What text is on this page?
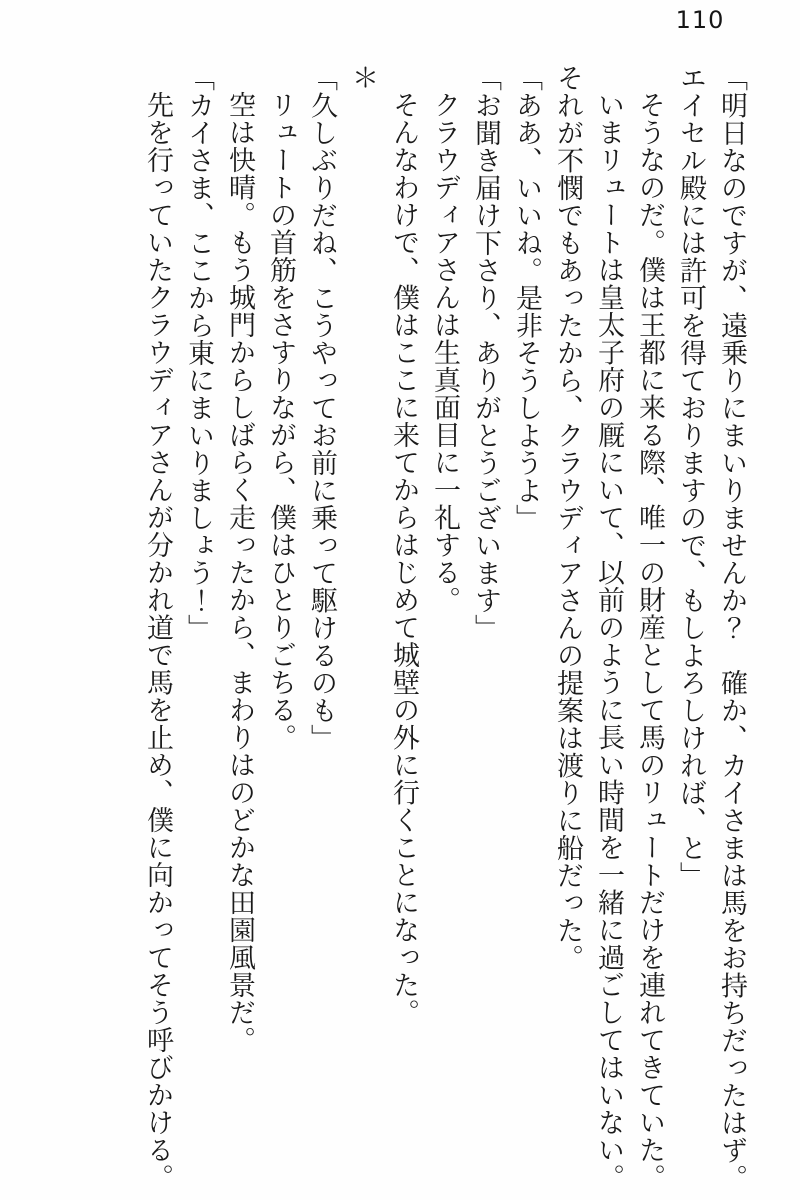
110

「明日なのですが、遠乗りにまいりませんか？　確か、カイさまは馬をお持ちだったはず。エイセル殿には許可を得ておりますので、もしよろしければ、と」

そうなのだ。僕は王都に来る際、唯一の財産として馬のリュートだけを連れてきていた。

いまリュートは皇太子府の厩にいて、以前のように長い時間を一緒に過ごしてはいない。それが不憫でもあったから、クラウディアさんの提案は渡りに船だった。

「ああ、いいね。是非そうしようよ」

「お聞き届け下さり、ありがとうございます」

クラウディアさんは生真面目に一礼する。

そんなわけで、僕はここに来てからはじめて城壁の外に行くことになった。

＊

「久しぶりだね、こうやってお前に乗って駆けるのも」

リュートの首筋をさすりながら、僕はひとりごちる。

空は快晴。もう城門からしばらく走ったから、まわりはのどかな田園風景だ。

「カイさま、ここから東にまいりましょう！」

先を行っていたクラウディアさんが分かれ道で馬を止め、僕に向かってそう呼びかける。
